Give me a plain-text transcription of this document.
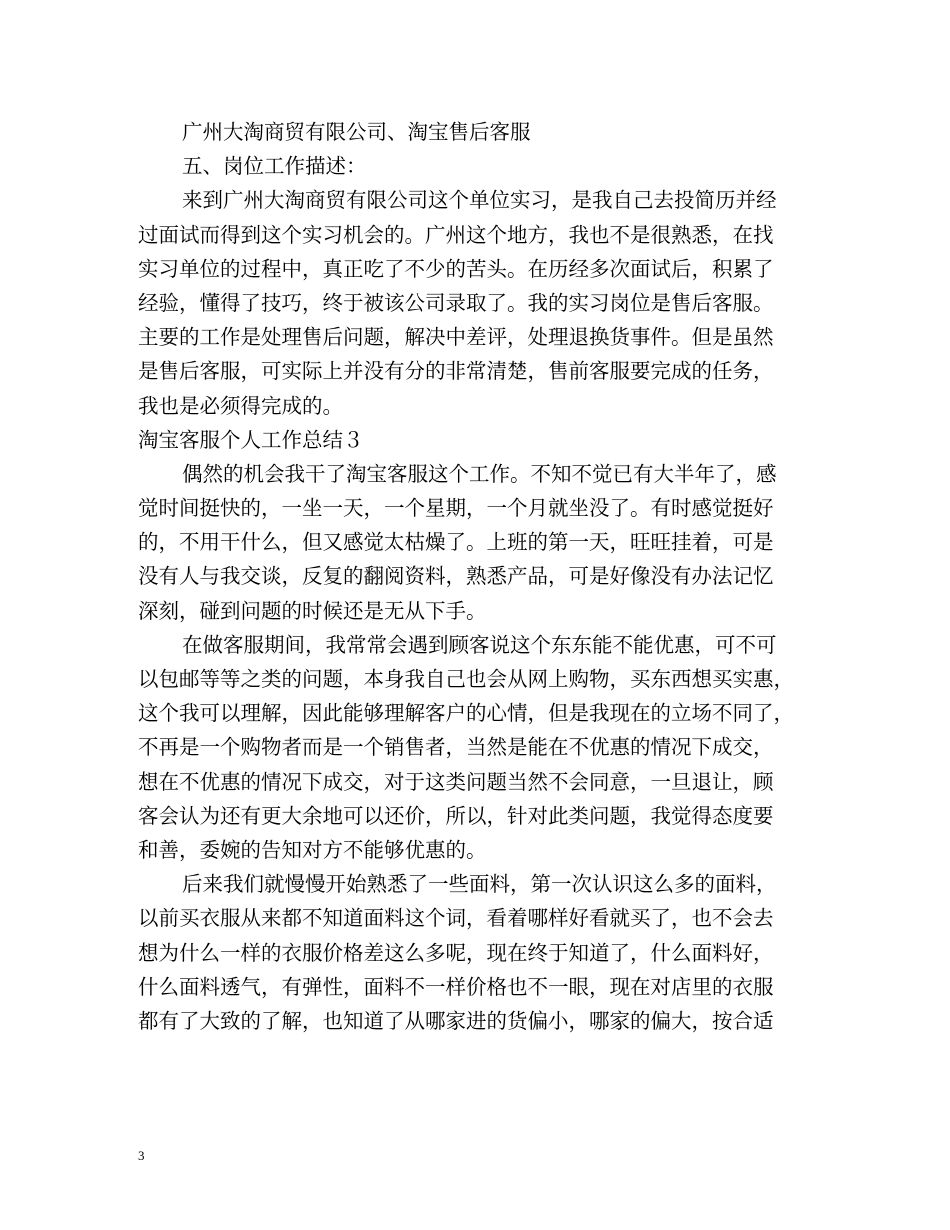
广州大淘商贸有限公司、淘宝售后客服
五、岗位工作描述：
来到广州大淘商贸有限公司这个单位实习，是我自己去投简历并经
过面试而得到这个实习机会的。广州这个地方，我也不是很熟悉，在找
实习单位的过程中，真正吃了不少的苦头。在历经多次面试后，积累了
经验，懂得了技巧，终于被该公司录取了。我的实习岗位是售后客服。
主要的工作是处理售后问题，解决中差评，处理退换货事件。但是虽然
是售后客服，可实际上并没有分的非常清楚，售前客服要完成的任务，
我也是必须得完成的。
淘宝客服个人工作总结３
偶然的机会我干了淘宝客服这个工作。不知不觉已有大半年了，感
觉时间挺快的，一坐一天，一个星期，一个月就坐没了。有时感觉挺好
的，不用干什么，但又感觉太枯燥了。上班的第一天，旺旺挂着，可是
没有人与我交谈，反复的翻阅资料，熟悉产品，可是好像没有办法记忆
深刻，碰到问题的时候还是无从下手。
在做客服期间，我常常会遇到顾客说这个东东能不能优惠，可不可
以包邮等等之类的问题，本身我自己也会从网上购物，买东西想买实惠，
这个我可以理解，因此能够理解客户的心情，但是我现在的立场不同了，
不再是一个购物者而是一个销售者，当然是能在不优惠的情况下成交，
想在不优惠的情况下成交，对于这类问题当然不会同意，一旦退让，顾
客会认为还有更大余地可以还价，所以，针对此类问题，我觉得态度要
和善，委婉的告知对方不能够优惠的。
后来我们就慢慢开始熟悉了一些面料，第一次认识这么多的面料，
以前买衣服从来都不知道面料这个词，看着哪样好看就买了，也不会去
想为什么一样的衣服价格差这么多呢，现在终于知道了，什么面料好，
什么面料透气，有弹性，面料不一样价格也不一眼，现在对店里的衣服
都有了大致的了解，也知道了从哪家进的货偏小，哪家的偏大，按合适
3
